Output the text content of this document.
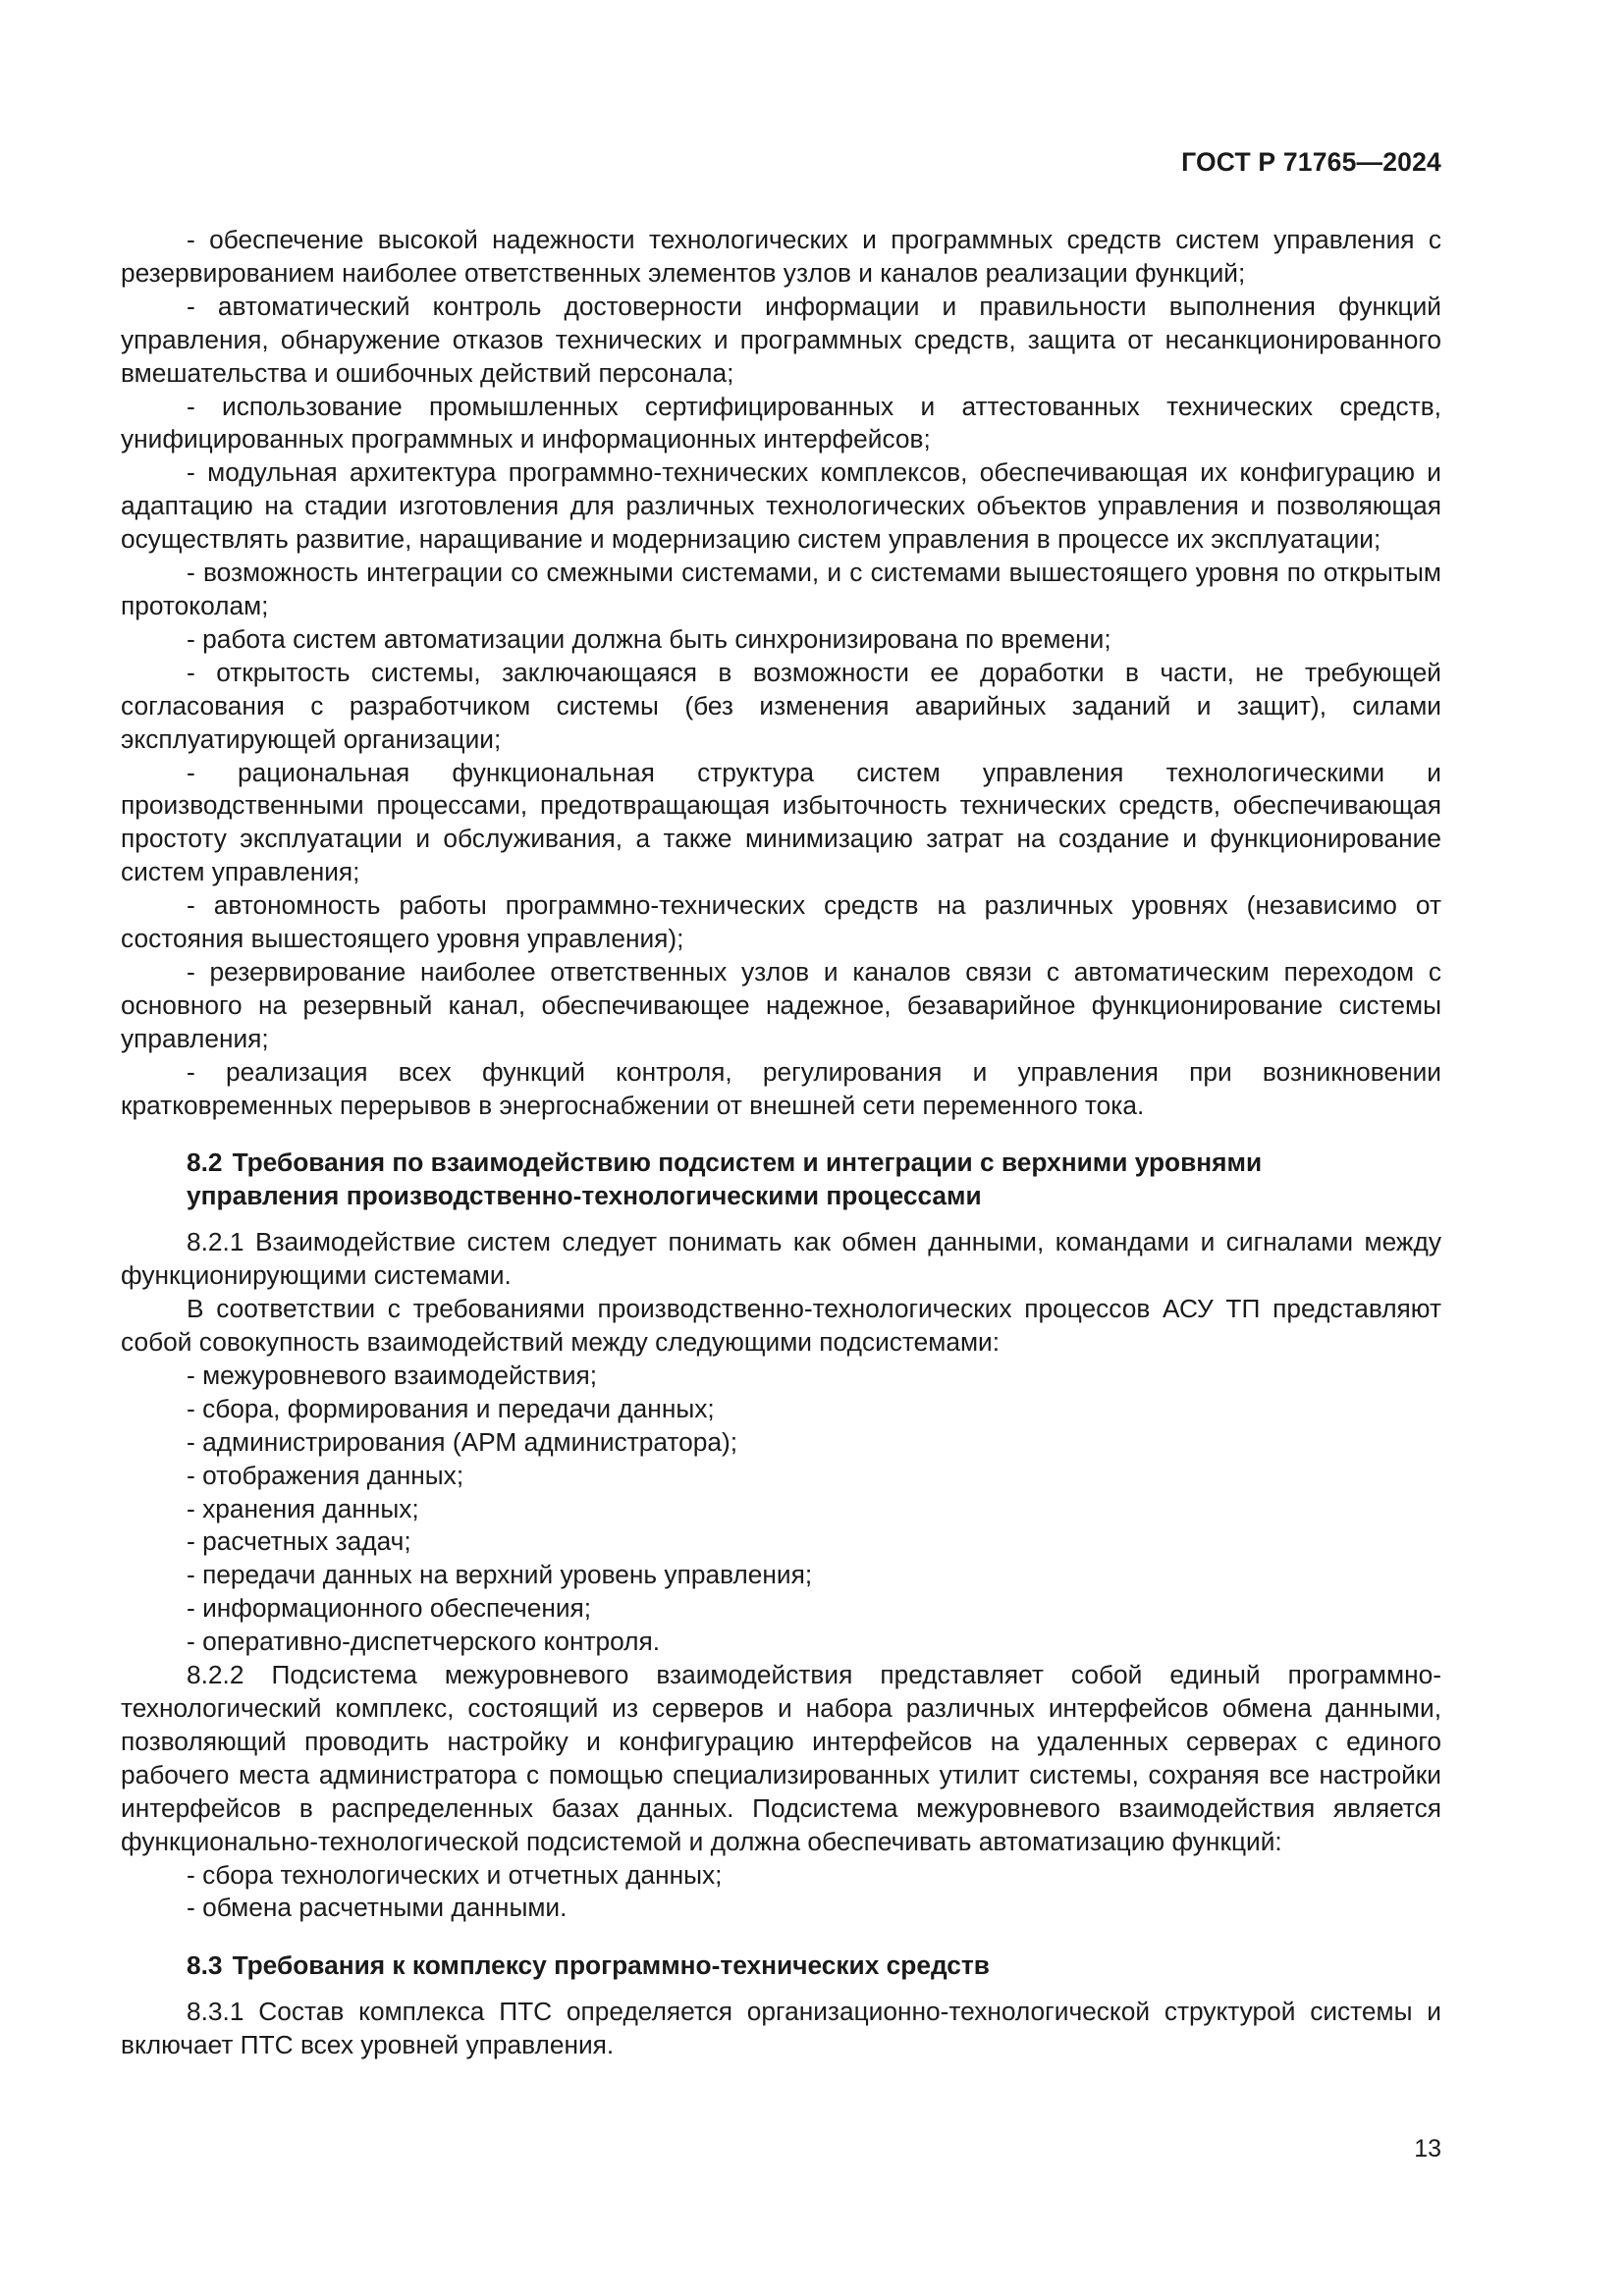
ГОСТ Р 71765—2024

- обеспечение высокой надежности технологических и программных средств систем управления с резервированием наиболее ответственных элементов узлов и каналов реализации функций;

- автоматический контроль достоверности информации и правильности выполнения функций управления, обнаружение отказов технических и программных средств, защита от несанкционированного вмешательства и ошибочных действий персонала;

- использование промышленных сертифицированных и аттестованных технических средств, унифицированных программных и информационных интерфейсов;

- модульная архитектура программно-технических комплексов, обеспечивающая их конфигурацию и адаптацию на стадии изготовления для различных технологических объектов управления и позволяющая осуществлять развитие, наращивание и модернизацию систем управления в процессе их эксплуатации;

- возможность интеграции со смежными системами, и с системами вышестоящего уровня по открытым протоколам;

- работа систем автоматизации должна быть синхронизирована по времени;

- открытость системы, заключающаяся в возможности ее доработки в части, не требующей согласования с разработчиком системы (без изменения аварийных заданий и защит), силами эксплуатирующей организации;

- рациональная функциональная структура систем управления технологическими и производственными процессами, предотвращающая избыточность технических средств, обеспечивающая простоту эксплуатации и обслуживания, а также минимизацию затрат на создание и функционирование систем управления;

- автономность работы программно-технических средств на различных уровнях (независимо от состояния вышестоящего уровня управления);

- резервирование наиболее ответственных узлов и каналов связи с автоматическим переходом с основного на резервный канал, обеспечивающее надежное, безаварийное функционирование системы управления;

- реализация всех функций контроля, регулирования и управления при возникновении кратковременных перерывов в энергоснабжении от внешней сети переменного тока.

8.2 Требования по взаимодействию подсистем и интеграции с верхними уровнями
управления производственно-технологическими процессами

8.2.1 Взаимодействие систем следует понимать как обмен данными, командами и сигналами между функционирующими системами.

В соответствии с требованиями производственно-технологических процессов АСУ ТП представляют собой совокупность взаимодействий между следующими подсистемами:

- межуровневого взаимодействия;
- сбора, формирования и передачи данных;
- администрирования (АРМ администратора);
- отображения данных;
- хранения данных;
- расчетных задач;
- передачи данных на верхний уровень управления;
- информационного обеспечения;
- оперативно-диспетчерского контроля.

8.2.2 Подсистема межуровневого взаимодействия представляет собой единый программно-технологический комплекс, состоящий из серверов и набора различных интерфейсов обмена данными, позволяющий проводить настройку и конфигурацию интерфейсов на удаленных серверах с единого рабочего места администратора с помощью специализированных утилит системы, сохраняя все настройки интерфейсов в распределенных базах данных. Подсистема межуровневого взаимодействия является функционально-технологической подсистемой и должна обеспечивать автоматизацию функций:

- сбора технологических и отчетных данных;
- обмена расчетными данными.
8.3 Требования к комплексу программно-технических средств

8.3.1 Состав комплекса ПТС определяется организационно-технологической структурой системы и включает ПТС всех уровней управления.

13
